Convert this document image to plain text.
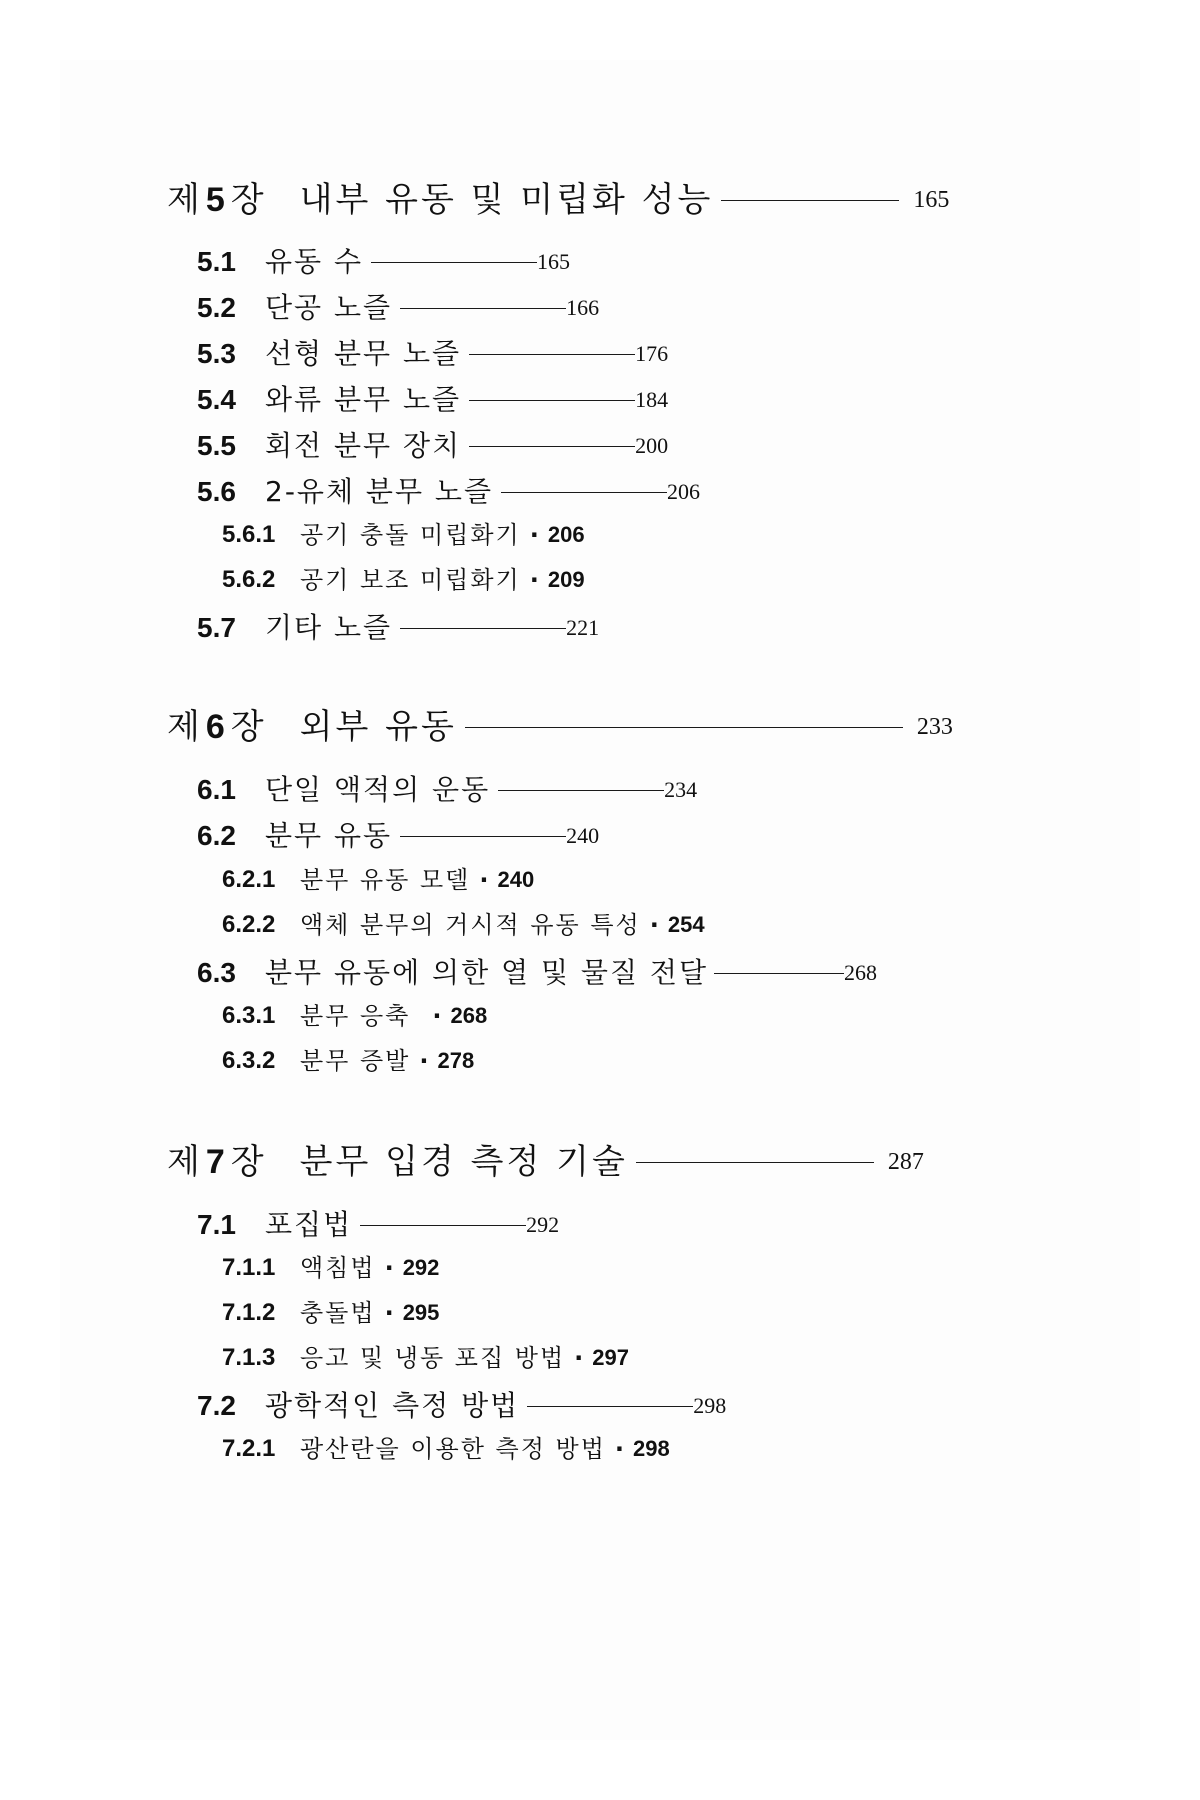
제 5 장 내부 유동 및 미립화 성능	165
5.1	유동 수	165
5.2	단공 노즐	166
5.3	선형 분무 노즐	176
5.4	와류 분무 노즐	184
5.5	회전 분무 장치	200
5.6	2-유체 분무 노즐	206
5.6.1	공기 충돌 미립화기 · 206
5.6.2	공기 보조 미립화기 · 209
5.7	기타 노즐	221
제 6 장 외부 유동	233
6.1	단일 액적의 운동	234
6.2	분무 유동	240
6.2.1	분무 유동 모델 · 240
6.2.2	액체 분무의 거시적 유동 특성 · 254
6.3	분무 유동에 의한 열 및 물질 전달	268
6.3.1	분무 응축 · 268
6.3.2	분무 증발 · 278
제 7 장 분무 입경 측정 기술	287
7.1	포집법	292
7.1.1	액침법 · 292
7.1.2	충돌법 · 295
7.1.3	응고 및 냉동 포집 방법 · 297
7.2	광학적인 측정 방법	298
7.2.1	광산란을 이용한 측정 방법 · 298
